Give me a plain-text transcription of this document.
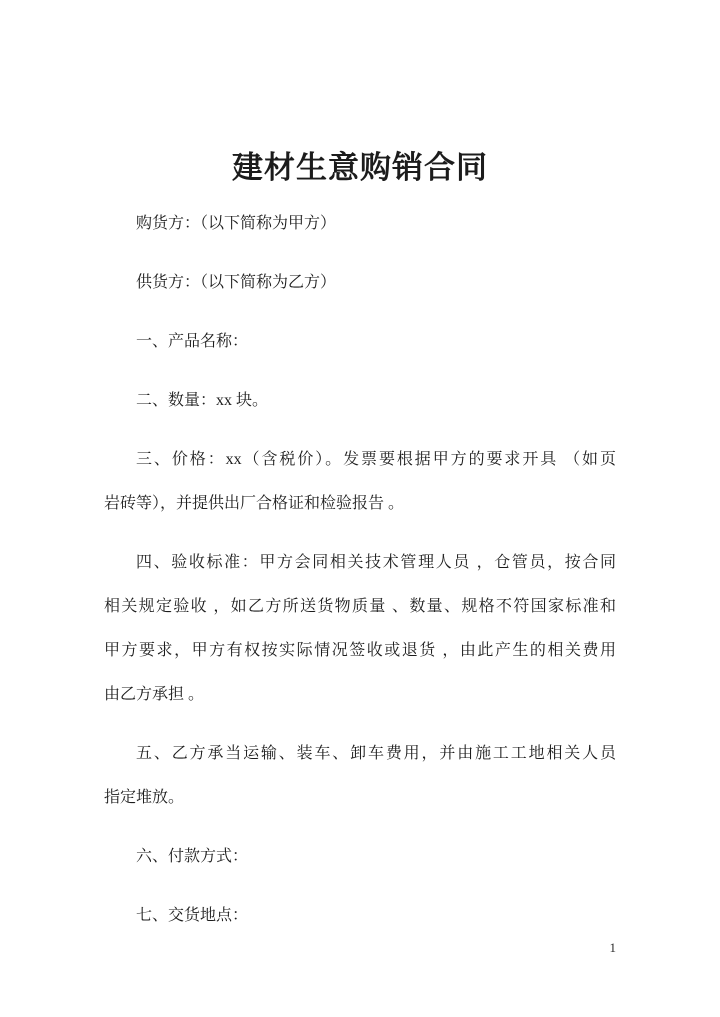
建材生意购销合同
购货方：（以下简称为甲方）
供货方：（以下简称为乙方）
一、产品名称：
二、数量：xx 块。
三、价格：xx（含税价）。发票要根据甲方的要求开具 （如页
岩砖等），并提供出厂合格证和检验报告 。
四、验收标准：甲方会同相关技术管理人员 ，仓管员，按合同
相关规定验收 ，如乙方所送货物质量 、数量、规格不符国家标准和
甲方要求，甲方有权按实际情况签收或退货 ，由此产生的相关费用
由乙方承担 。
五、乙方承当运输、装车、卸车费用，并由施工工地相关人员
指定堆放。
六、付款方式：
七、交货地点：
1
